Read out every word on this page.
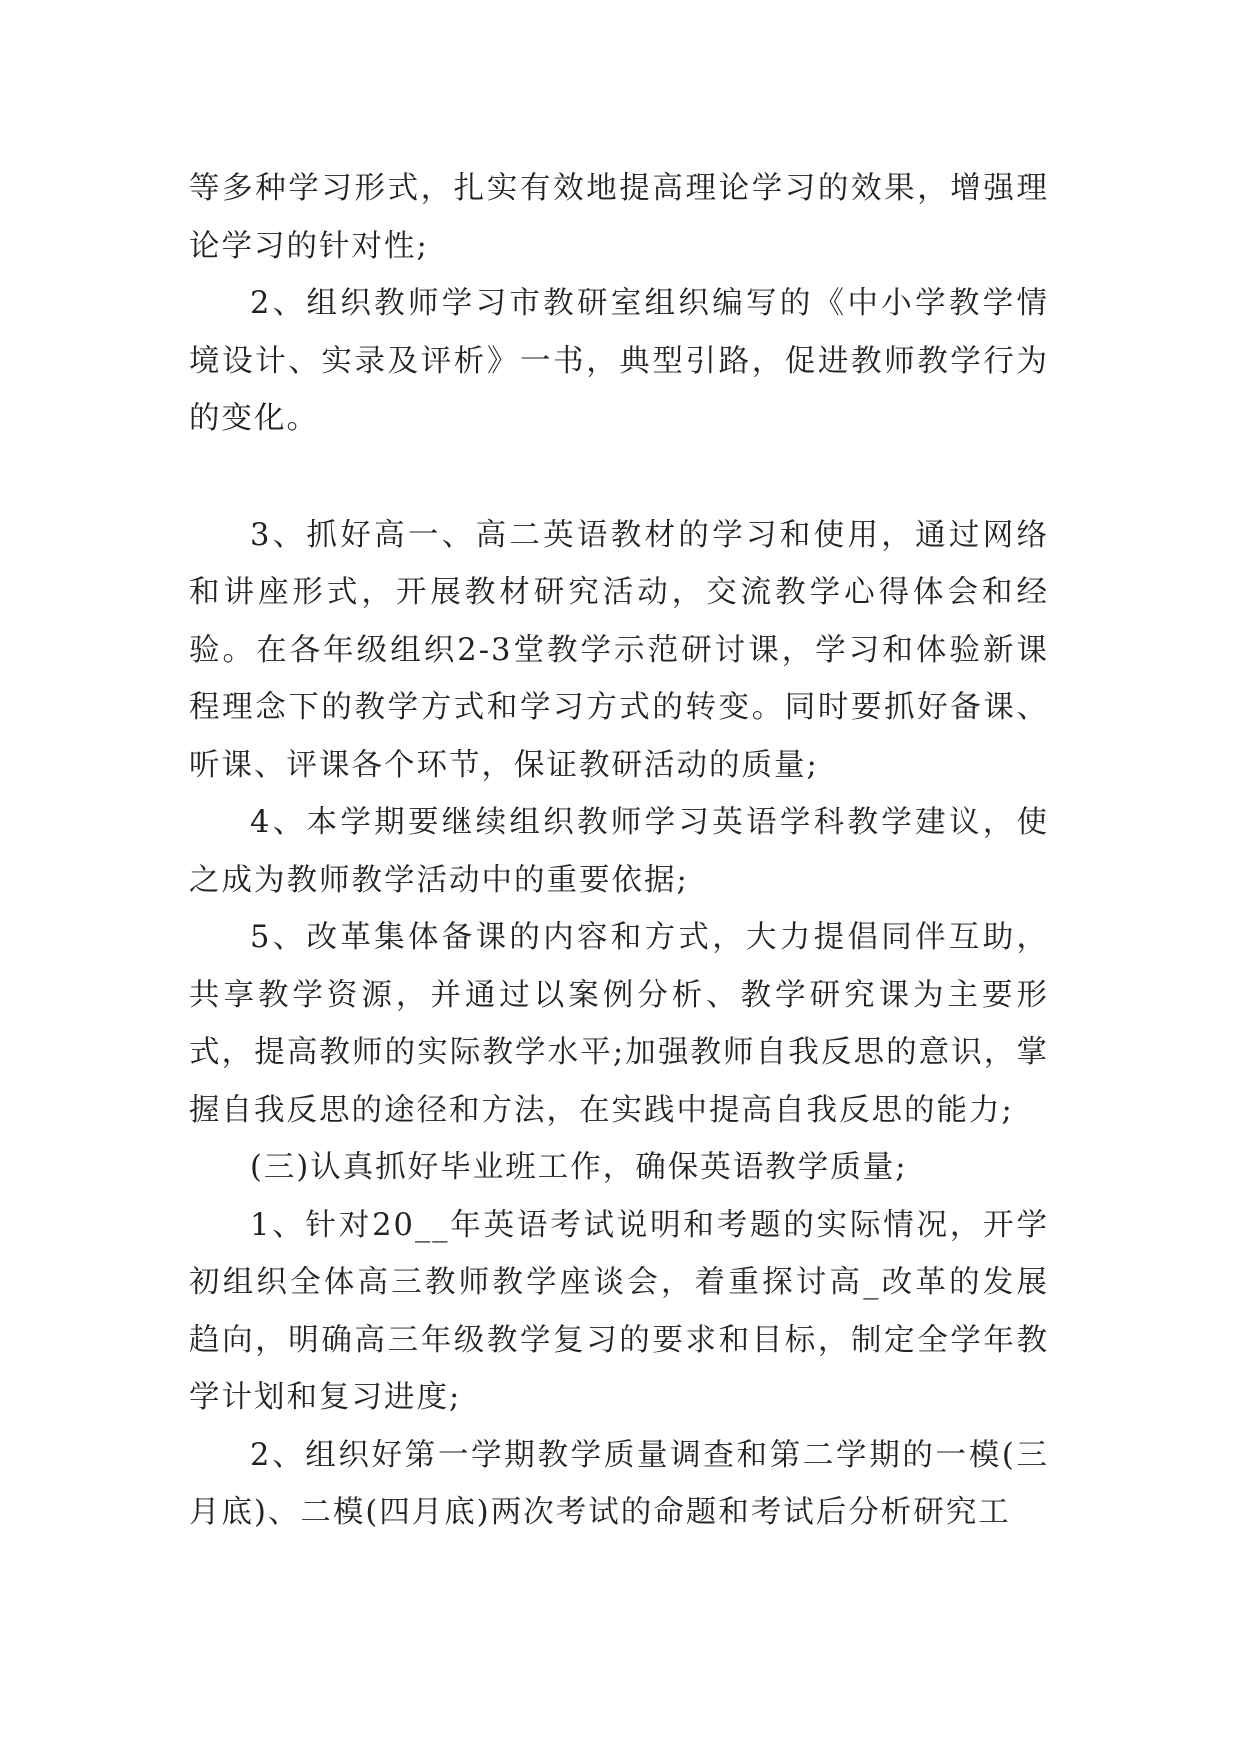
等多种学习形式，扎实有效地提高理论学习的效果，增强理论学习的针对性;

2、组织教师学习市教研室组织编写的《中小学教学情境设计、实录及评析》一书，典型引路，促进教师教学行为的变化。

3、抓好高一、高二英语教材的学习和使用，通过网络和讲座形式，开展教材研究活动，交流教学心得体会和经验。在各年级组织2-3堂教学示范研讨课，学习和体验新课程理念下的教学方式和学习方式的转变。同时要抓好备课、听课、评课各个环节，保证教研活动的质量;

4、本学期要继续组织教师学习英语学科教学建议，使之成为教师教学活动中的重要依据;

5、改革集体备课的内容和方式，大力提倡同伴互助，共享教学资源，并通过以案例分析、教学研究课为主要形式，提高教师的实际教学水平;加强教师自我反思的意识，掌握自我反思的途径和方法，在实践中提高自我反思的能力;

(三)认真抓好毕业班工作，确保英语教学质量;

1、针对20__年英语考试说明和考题的实际情况，开学初组织全体高三教师教学座谈会，着重探讨高_改革的发展趋向，明确高三年级教学复习的要求和目标，制定全学年教学计划和复习进度;

2、组织好第一学期教学质量调查和第二学期的一模(三月底)、二模(四月底)两次考试的命题和考试后分析研究工
